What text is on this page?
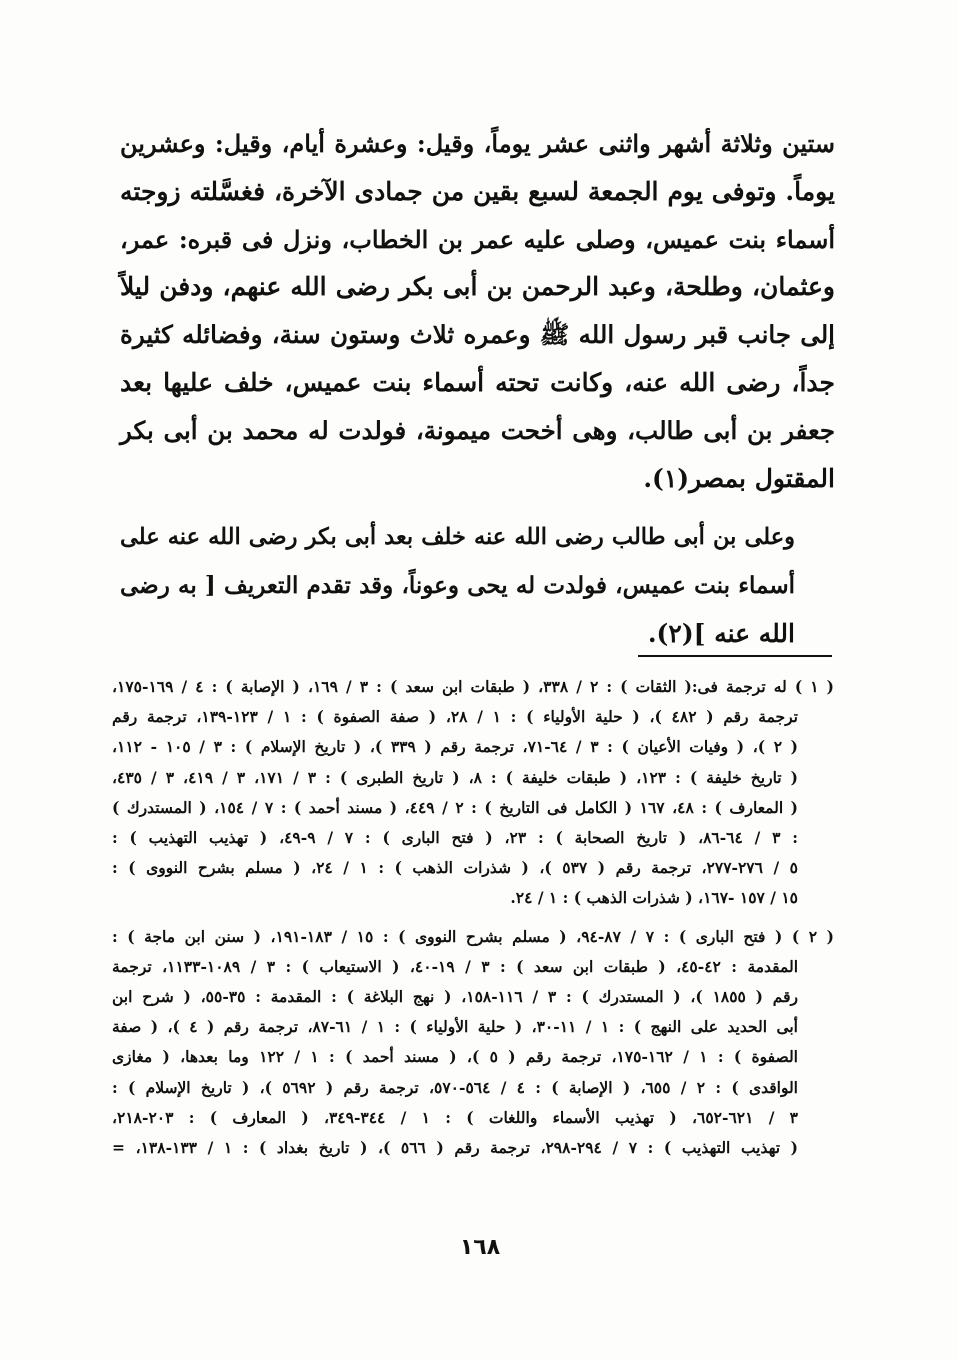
ستين وثلاثة أشهر واثنى عشر يوماً، وقيل: وعشرة أيام، وقيل: وعشرين
يوماً. وتوفى يوم الجمعة لسبع بقين من جمادى الآخرة، فغسَّلته زوجته
أسماء بنت عميس، وصلى عليه عمر بن الخطاب، ونزل فى قبره: عمر،
وعثمان، وطلحة، وعبد الرحمن بن أبى بكر رضى الله عنهم، ودفن ليلاً
إلى جانب قبر رسول الله ﷺ وعمره ثلاث وستون سنة، وفضائله كثيرة
جداً، رضى الله عنه، وكانت تحته أسماء بنت عميس، خلف عليها بعد
جعفر بن أبى طالب، وهى أخحت ميمونة، فولدت له محمد بن أبى بكر
المقتول بمصر(١).

وعلى بن أبى طالب رضى الله عنه خلف بعد أبى بكر رضى الله عنه على
أسماء بنت عميس، فولدت له يحى وعوناً، وقد تقدم التعريف [ به رضى
الله عنه ](٢).

( ١ ) له ترجمة فى:( الثقات ) : ٢ / ٣٣٨، ( طبقات ابن سعد ) : ٣ / ١٦٩، ( الإصابة ) : ٤ / ١٦٩-١٧٥،
ترجمة رقم ( ٤٨٢ )، ( حلية الأولياء ) : ١ / ٢٨، ( صفة الصفوة ) : ١ / ١٢٣-١٣٩، ترجمة رقم
( ٢ )، ( وفيات الأعيان ) : ٣ / ٦٤-٧١، ترجمة رقم ( ٣٣٩ )، ( تاريخ الإسلام ) : ٣ / ١٠٥ - ١١٢،
( تاريخ خليفة ) : ١٢٣، ( طبقات خليفة ) : ٨، ( تاريخ الطبرى ) : ٣ / ١٧١، ٣ / ٤١٩، ٣ / ٤٣٥،
( المعارف ) : ٤٨، ١٦٧ ( الكامل فى التاريخ ) : ٢ / ٤٤٩، ( مسند أحمد ) : ٧ / ١٥٤، ( المستدرك )
: ٣ / ٦٤-٨٦، ( تاريخ الصحابة ) : ٢٣، ( فتح البارى ) : ٧ / ٩-٤٩، ( تهذيب التهذيب ) :
٥ / ٢٧٦-٢٧٧، ترجمة رقم ( ٥٣٧ )، ( شذرات الذهب ) : ١ / ٢٤، ( مسلم بشرح النووى ) :
١٥ / ١٥٧ -١٦٧، ( شذرات الذهب ) : ١ / ٢٤.
( ٢ ) ( فتح البارى ) : ٧ / ٨٧-٩٤، ( مسلم بشرح النووى ) : ١٥ / ١٨٣-١٩١، ( سنن ابن ماجة ) :
المقدمة : ٤٢-٤٥، ( طبقات ابن سعد ) : ٣ / ١٩-٤٠، ( الاستيعاب ) : ٣ / ١٠٨٩-١١٣٣، ترجمة
رقم ( ١٨٥٥ )، ( المستدرك ) : ٣ / ١١٦-١٥٨، ( نهج البلاغة ) : المقدمة : ٣٥-٥٥، ( شرح ابن
أبى الحديد على النهج ) : ١ / ١١-٣٠، ( حلية الأولياء ) : ١ / ٦١-٨٧، ترجمة رقم ( ٤ )، ( صفة
الصفوة ) : ١ / ١٦٢-١٧٥، ترجمة رقم ( ٥ )، ( مسند أحمد ) : ١ / ١٢٢ وما بعدها، ( مغازى
الواقدى ) : ٢ / ٦٥٥، ( الإصابة ) : ٤ / ٥٦٤-٥٧٠، ترجمة رقم ( ٥٦٩٢ )، ( تاريخ الإسلام ) :
٣ / ٦٢١-٦٥٢، ( تهذيب الأسماء واللغات ) : ١ / ٣٤٤-٣٤٩، ( المعارف ) : ٢٠٣-٢١٨،
( تهذيب التهذيب ) : ٧ / ٢٩٤-٢٩٨، ترجمة رقم ( ٥٦٦ )، ( تاريخ بغداد ) : ١ / ١٣٣-١٣٨، =
١٦٨
